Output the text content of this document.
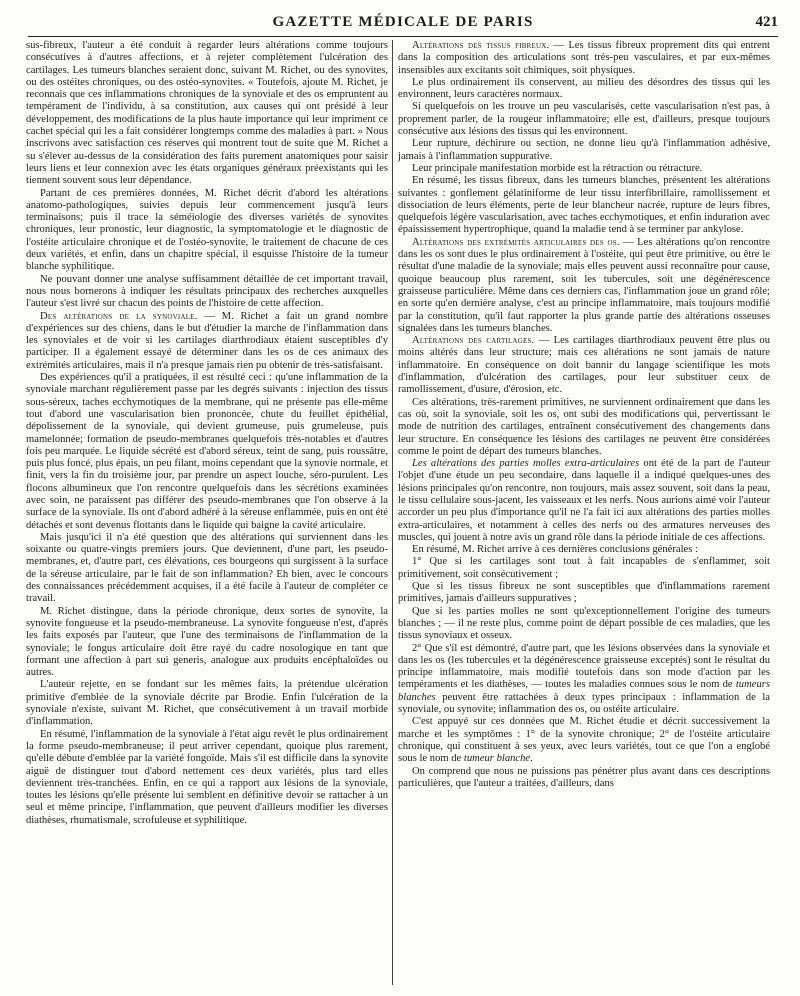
GAZETTE MÉDICALE DE PARIS	421

sus-fibreux, l'auteur a été conduit à regarder leurs altérations comme toujours consécutives à d'autres affections, et à rejeter complètement l'ulcération des cartilages. Les tumeurs blanches seraient donc, suivant M. Richet, ou des synovites, ou des ostéites chroniques, ou des ostéo-synovites. « Toutefois, ajoute M. Richet, je reconnais que ces inflammations chroniques de la synoviale et des os empruntent au tempérament de l'individu, à sa constitution, aux causes qui ont présidé à leur développement, des modifications de la plus haute importance qui leur impriment ce cachet spécial qui les a fait considérer longtemps comme des maladies à part. » Nous inscrivons avec satisfaction ces réserves qui montrent tout de suite que M. Richet a su s'élever au-dessus de la considération des faits purement anatomiques pour saisir leurs liens et leur connexion avec les états organiques généraux préexistants qui les tiennent souvent sous leur dépendance.

Partant de ces premières données, M. Richet décrit d'abord les altérations anatomo-pathologiques, suivies depuis leur commencement jusqu'à leurs terminaisons; puis il trace la séméiologie des diverses variétés de synovites chroniques, leur pronostic, leur diagnostic, la symptomatologie et le diagnostic de l'ostéite articulaire chronique et de l'ostéo-synovite, le traitement de chacune de ces deux variétés, et enfin, dans un chapitre spécial, il esquisse l'histoire de la tumeur blanche syphilitique.

Ne pouvant donner une analyse suffisamment détaillée de cet important travail, nous nous bornerons à indiquer les résultats principaux des recherches auxquelles l'auteur s'est livré sur chacun des points de l'histoire de cette affection.

Des altérations de la synoviale. — M. Richet a fait un grand nombre d'expériences sur des chiens, dans le but d'étudier la marche de l'inflammation dans les synoviales et de voir si les cartilages diarthrodiaux étaient susceptibles d'y participer. Il a également essayé de déterminer dans les os de ces animaux des extrémités articulaires, mais il n'a presque jamais rien pu obtenir de très-satisfaisant.

Des expériences qu'il a pratiquées, il est résulté ceci : qu'une inflammation de la synoviale marchant régulièrement passe par les degrés suivants : injection des tissus sous-séreux, taches ecchymotiques de la membrane, qui ne présente pas elle-même tout d'abord une vascularisation bien prononcée, chute du feuillet épithélial, dépolissement de la synoviale, qui devient grumeuse, puis grumeleuse, puis mamelonnée; formation de pseudo-membranes quelquefois très-notables et d'autres fois peu marquée. Le liquide sécrété est d'abord séreux, teint de sang, puis roussâtre, puis plus foncé, plus épais, un peu filant, moins cependant que la synovie normale, et finit, vers la fin du troisième jour, par prendre un aspect louche, séro-purulent. Les flocons albumineux que l'on rencontre quelquefois dans les sécrétions examinées avec soin, ne paraissent pas différer des pseudo-membranes que l'on observe à la surface de la synoviale. Ils ont d'abord adhéré à la séreuse enflammée, puis en ont été détachés et sont devenus flottants dans le liquide qui baigne la cavité articulaire.

Mais jusqu'ici il n'a été question que des altérations qui surviennent dans les soixante ou quatre-vingts premiers jours. Que deviennent, d'une part, les pseudo-membranes, et, d'autre part, ces élévations, ces bourgeons qui surgissent à la surface de la séreuse articulaire, par le fait de son inflammation? Eh bien, avec le concours des connaissances précédemment acquises, il a été facile à l'auteur de compléter ce travail.

M. Richet distingue, dans la période chronique, deux sortes de synovite, la synovite fongueuse et la pseudo-membraneuse. La synovite fongueuse n'est, d'après les faits exposés par l'auteur, que l'une des terminaisons de l'inflammation de la synoviale; le fongus articulaire doit être rayé du cadre nosologique en tant que formant une affection à part sui generis, analogue aux produits encéphaloïdes ou autres.

L'auteur rejette, en se fondant sur les mêmes faits, la prétendue ulcération primitive d'emblée de la synoviale décrite par Brodie. Enfin l'ulcération de la synoviale n'existe, suivant M. Richet, que consécutivement à un travail morbide d'inflammation.

En résumé, l'inflammation de la synoviale à l'état aigu revêt le plus ordinairement la forme pseudo-membraneuse; il peut arriver cependant, quoique plus rarement, qu'elle débute d'emblée par la variété fongoïde. Mais s'il est difficile dans la synovite aiguë de distinguer tout d'abord nettement ces deux variétés, plus tard elles deviennent très-tranchées. Enfin, en ce qui a rapport aux lésions de la synoviale, toutes les lésions qu'elle présente lui semblent en définitive devoir se rattacher à un seul et même principe, l'inflammation, que peuvent d'ailleurs modifier les diverses diathèses, rhumatismale, scrofuleuse et syphilitique.

Altérations des tissus fibreux. — Les tissus fibreux proprement dits qui entrent dans la composition des articulations sont très-peu vasculaires, et par eux-mêmes insensibles aux excitants soit chimiques, soit physiques.

Le plus ordinairement ils conservent, au milieu des désordres des tissus qui les environnent, leurs caractères normaux.

Si quelquefois on les trouve un peu vascularisés, cette vascularisation n'est pas, à proprement parler, de la rougeur inflammatoire; elle est, d'ailleurs, presque toujours consécutive aux lésions des tissus qui les environnent.

Leur rupture, déchirure ou section, ne donne lieu qu'à l'inflammation adhésive, jamais à l'inflammation suppurative.

Leur principale manifestation morbide est la rétraction ou rétracture.

En résumé, les tissus fibreux, dans les tumeurs blanches, présentent les altérations suivantes : gonflement gélatiniforme de leur tissu interfibrillaire, ramollissement et dissociation de leurs éléments, perte de leur blancheur nacrée, rupture de leurs fibres, quelquefois légère vascularisation, avec taches ecchymotiques, et enfin induration avec épaississement hypertrophique, quand la maladie tend à se terminer par ankylose.

Altérations des extrémités articulaires des os. — Les altérations qu'on rencontre dans les os sont dues le plus ordinairement à l'ostéite, qui peut être primitive, ou être le résultat d'une maladie de la synoviale; mais elles peuvent aussi reconnaître pour cause, quoique beaucoup plus rarement, soit les tubercules, soit une dégénérescence graisseuse particulière. Même dans ces derniers cas, l'inflammation joue un grand rôle; en sorte qu'en dernière analyse, c'est au principe inflammatoire, mais toujours modifié par la constitution, qu'il faut rapporter la plus grande partie des altérations osseuses signalées dans les tumeurs blanches.

Altérations des cartilages. — Les cartilages diarthrodiaux peuvent être plus ou moins altérés dans leur structure; mais ces altérations ne sont jamais de nature inflammatoire. En conséquence on doit bannir du langage scientifique les mots d'inflammation, d'ulcération des cartilages, pour leur substituer ceux de ramollissement, d'usure, d'érosion, etc.

Ces altérations, très-rarement primitives, ne surviennent ordinairement que dans les cas où, soit la synoviale, soit les os, ont subi des modifications qui, pervertissant le mode de nutrition des cartilages, entraînent consécutivement des changements dans leur structure. En conséquence les lésions des cartilages ne peuvent être considérées comme le point de départ des tumeurs blanches.

Les altérations des parties molles extra-articulaires ont été de la part de l'auteur l'objet d'une étude un peu secondaire, dans laquelle il a indiqué quelques-unes des lésions principales qu'on rencontre, non toujours, mais assez souvent, soit dans la peau, le tissu cellulaire sous-jacent, les vaisseaux et les nerfs. Nous aurions aimé voir l'auteur accorder un peu plus d'importance qu'il ne l'a fait ici aux altérations des parties molles extra-articulaires, et notamment à celles des nerfs ou des armatures nerveuses des muscles, qui jouent à notre avis un grand rôle dans la période initiale de ces affections.

En résumé, M. Richet arrive à ces dernières conclusions générales :

1° Que si les cartilages sont tout à fait incapables de s'enflammer, soit primitivement, soit consécutivement ;

Que si les tissus fibreux ne sont susceptibles que d'inflammations rarement primitives, jamais d'ailleurs suppuratives ;

Que si les parties molles ne sont qu'exceptionnellement l'origine des tumeurs blanches ; — il ne reste plus, comme point de départ possible de ces maladies, que les tissus synoviaux et osseux.

2° Que s'il est démontré, d'autre part, que les lésions observées dans la synoviale et dans les os (les tubercules et la dégénérescence graisseuse exceptés) sont le résultat du principe inflammatoire, mais modifié toutefois dans son mode d'action par les tempéraments et les diathèses, — toutes les maladies connues sous le nom de tumeurs blanches peuvent être rattachées à deux types principaux : inflammation de la synoviale, ou synovite; inflammation des os, ou ostéite articulaire.

C'est appuyé sur ces données que M. Richet étudie et décrit successivement la marche et les symptômes : 1° de la synovite chronique; 2° de l'ostéite articulaire chronique, qui constituent à ses yeux, avec leurs variétés, tout ce que l'on a englobé sous le nom de tumeur blanche.

On comprend que nous ne puissions pas pénétrer plus avant dans ces descriptions particulières, que l'auteur a traitées, d'ailleurs, dans
